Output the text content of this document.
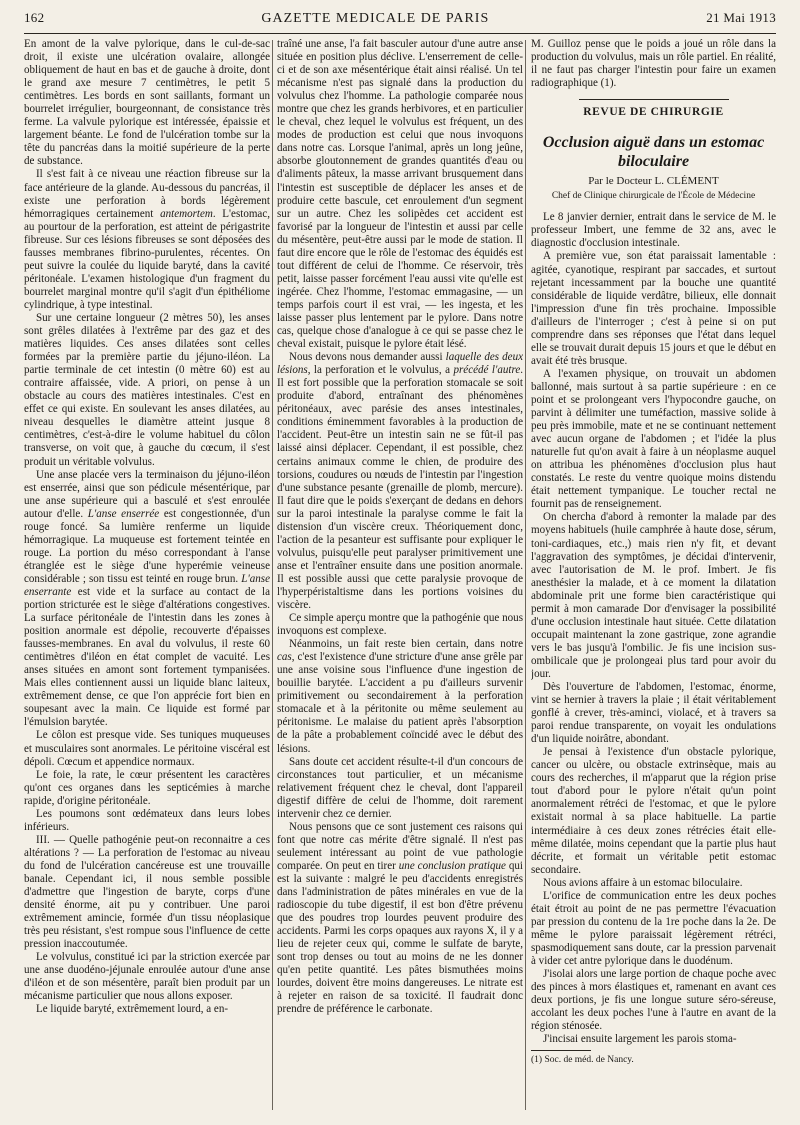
162	GAZETTE MEDICALE DE PARIS	21 Mai 1913

En amont de la valve pylorique, dans le cul-de-sac droit, il existe une ulcération ovalaire, allongée obliquement de haut en bas et de gauche à droite, dont le grand axe mesure 7 centimètres, le petit 5 centimètres. Les bords en sont saillants, formant un bourrelet irrégulier, bourgeonnant, de consistance très ferme. La valvule pylorique est intéressée, épaissie et largement béante. Le fond de l'ulcération tombe sur la tête du pancréas dans la moitié supérieure de la perte de substance.

Il s'est fait à ce niveau une réaction fibreuse sur la face antérieure de la glande. Au-dessous du pancréas, il existe une perforation à bords légèrement hémorragiques certainement antemortem. L'estomac, au pourtour de la perforation, est atteint de périgastrite fibreuse. Sur ces lésions fibreuses se sont déposées des fausses membranes fibrino-purulentes, récentes. On peut suivre la coulée du liquide baryté, dans la cavité péritonéale. L'examen histologique d'un fragment du bourrelet marginal montre qu'il s'agit d'un épithéliome cylindrique, à type intestinal.

Sur une certaine longueur (2 mètres 50), les anses sont grêles dilatées à l'extrême par des gaz et des matières liquides. Ces anses dilatées sont celles formées par la première partie du jéjuno-iléon. La partie terminale de cet intestin (0 mètre 60) est au contraire affaissée, vide. A priori, on pense à un obstacle au cours des matières intestinales. C'est en effet ce qui existe. En soulevant les anses dilatées, au niveau desquelles le diamètre atteint jusque 8 centimètres, c'est-à-dire le volume habituel du côlon transverse, on voit que, à gauche du cœcum, il s'est produit un véritable volvulus.

Une anse placée vers la terminaison du jéjuno-iléon est enserrée, ainsi que son pédicule mésentérique, par une anse supérieure qui a basculé et s'est enroulée autour d'elle. L'anse enserrée est congestionnée, d'un rouge foncé. Sa lumière renferme un liquide hémorragique. La muqueuse est fortement teintée en rouge. La portion du méso correspondant à l'anse étranglée est le siège d'une hyperémie veineuse considérable ; son tissu est teinté en rouge brun. L'anse enserrante est vide et la surface au contact de la portion stricturée est le siège d'altérations congestives. La surface péritonéale de l'intestin dans les zones à position anormale est dépolie, recouverte d'épaisses fausses-membranes. En aval du volvulus, il reste 60 centimètres d'iléon en état complet de vacuité. Les anses situées en amont sont fortement tympanisées. Mais elles contiennent aussi un liquide blanc laiteux, extrêmement dense, ce que l'on apprécie fort bien en soupesant avec la main. Ce liquide est formé par l'émulsion barytée.

Le côlon est presque vide. Ses tuniques muqueuses et musculaires sont anormales. Le péritoine viscéral est dépoli. Cœcum et appendice normaux.

Le foie, la rate, le cœur présentent les caractères qu'ont ces organes dans les septicémies à marche rapide, d'origine péritonéale.

Les poumons sont œdémateux dans leurs lobes inférieurs.

III. — Quelle pathogénie peut-on reconnaitre a ces altérations ? — La perforation de l'estomac au niveau du fond de l'ulcération cancéreuse est une trouvaille banale. Cependant ici, il nous semble possible d'admettre que l'ingestion de baryte, corps d'une densité énorme, ait pu y contribuer. Une paroi extrêmement amincie, formée d'un tissu néoplasique très peu résistant, s'est rompue sous l'influence de cette pression inaccoutumée.

Le volvulus, constitué ici par la striction exercée par une anse duodéno-jéjunale enroulée autour d'une anse d'iléon et de son mésentère, paraît bien produit par un mécanisme particulier que nous allons exposer.

Le liquide baryté, extrêmement lourd, a en-

traîné une anse, l'a fait basculer autour d'une autre anse située en position plus déclive. L'enserrement de celle-ci et de son axe mésentérique était ainsi réalisé. Un tel mécanisme n'est pas signalé dans la production du volvulus chez l'homme. La pathologie comparée nous montre que chez les grands herbivores, et en particulier le cheval, chez lequel le volvulus est fréquent, un des modes de production est celui que nous invoquons dans notre cas. Lorsque l'animal, après un long jeûne, absorbe gloutonnement de grandes quantités d'eau ou d'aliments pâteux, la masse arrivant brusquement dans l'intestin est susceptible de déplacer les anses et de produire cette bascule, cet enroulement d'un segment sur un autre. Chez les solipèdes cet accident est favorisé par la longueur de l'intestin et aussi par celle du mésentère, peut-être aussi par le mode de station. Il faut dire encore que le rôle de l'estomac des équidés est tout différent de celui de l'homme. Ce réservoir, très petit, laisse passer forcément l'eau aussi vite qu'elle est ingérée. Chez l'homme, l'estomac emmagasine, — un temps parfois court il est vrai, — les ingesta, et les laisse passer plus lentement par le pylore. Dans notre cas, quelque chose d'analogue à ce qui se passe chez le cheval existait, puisque le pylore était lésé.

Nous devons nous demander aussi laquelle des deux lésions, la perforation et le volvulus, a précédé l'autre. Il est fort possible que la perforation stomacale se soit produite d'abord, entraînant des phénomènes péritonéaux, avec parésie des anses intestinales, conditions éminemment favorables à la production de l'accident. Peut-être un intestin sain ne se fût-il pas laissé ainsi déplacer. Cependant, il est possible, chez certains animaux comme le chien, de produire des torsions, coudures ou nœuds de l'intestin par l'ingestion d'une substance pesante (grenaille de plomb, mercure). Il faut dire que le poids s'exerçant de dedans en dehors sur la paroi intestinale la paralyse comme le fait la distension d'un viscère creux. Théoriquement donc, l'action de la pesanteur est suffisante pour expliquer le volvulus, puisqu'elle peut paralyser primitivement une anse et l'entraîner ensuite dans une position anormale. Il est possible aussi que cette paralysie provoque de l'hyperpéristaltisme dans les portions voisines du viscère.

Ce simple aperçu montre que la pathogénie que nous invoquons est complexe.

Néanmoins, un fait reste bien certain, dans notre cas, c'est l'existence d'une stricture d'une anse grêle par une anse voisine sous l'influence d'une ingestion de bouillie barytée. L'accident a pu d'ailleurs survenir primitivement ou secondairement à la perforation stomacale et à la péritonite ou même seulement au péritonisme. Le malaise du patient après l'absorption de la pâte a probablement coïncidé avec le début des lésions.

Sans doute cet accident résulte-t-il d'un concours de circonstances tout particulier, et un mécanisme relativement fréquent chez le cheval, dont l'appareil digestif diffère de celui de l'homme, doit rarement intervenir chez ce dernier.

Nous pensons que ce sont justement ces raisons qui font que notre cas mérite d'être signalé. Il n'est pas seulement intéressant au point de vue pathologie comparée. On peut en tirer une conclusion pratique qui est la suivante : malgré le peu d'accidents enregistrés dans l'administration de pâtes minérales en vue de la radioscopie du tube digestif, il est bon d'être prévenu que des poudres trop lourdes peuvent produire des accidents. Parmi les corps opaques aux rayons X, il y a lieu de rejeter ceux qui, comme le sulfate de baryte, sont trop denses ou tout au moins de ne les donner qu'en petite quantité. Les pâtes bismuthées moins lourdes, doivent être moins dangereuses. Le nitrate est à rejeter en raison de sa toxicité. Il faudrait donc prendre de préférence le carbonate.

M. Guilloz pense que le poids a joué un rôle dans la production du volvulus, mais un rôle partiel. En réalité, il ne faut pas charger l'intestin pour faire un examen radiographique (1).

REVUE DE CHIRURGIE

Occlusion aiguë dans un estomac biloculaire

Par le Docteur L. CLÉMENT

Chef de Clinique chirurgicale de l'École de Médecine

Le 8 janvier dernier, entrait dans le service de M. le professeur Imbert, une femme de 32 ans, avec le diagnostic d'occlusion intestinale.

A première vue, son état paraissait lamentable : agitée, cyanotique, respirant par saccades, et surtout rejetant incessamment par la bouche une quantité considérable de liquide verdâtre, bilieux, elle donnait l'impression d'une fin très prochaine. Impossible d'ailleurs de l'interroger ; c'est à peine si on put comprendre dans ses réponses que l'état dans lequel elle se trouvait durait depuis 15 jours et que le début en avait été très brusque.

A l'examen physique, on trouvait un abdomen ballonné, mais surtout à sa partie supérieure : en ce point et se prolongeant vers l'hypocondre gauche, on parvint à délimiter une tuméfaction, massive solide à peu près immobile, mate et ne se continuant nettement avec aucun organe de l'abdomen ; et l'idée la plus naturelle fut qu'on avait à faire à un néoplasme auquel on attribua les phénomènes d'occlusion plus haut constatés. Le reste du ventre quoique moins distendu était nettement tympanique. Le toucher rectal ne fournit pas de renseignement.

On chercha d'abord à remonter la malade par des moyens habituels (huile camphrée à haute dose, sérum, toni-cardiaques, etc.,) mais rien n'y fit, et devant l'aggravation des symptômes, je décidai d'intervenir, avec l'autorisation de M. le prof. Imbert. Je fis anesthésier la malade, et à ce moment la dilatation abdominale prit une forme bien caractéristique qui permit à mon camarade Dor d'envisager la possibilité d'une occlusion intestinale haut située. Cette dilatation occupait maintenant la zone gastrique, zone agrandie vers le bas jusqu'à l'ombilic. Je fis une incision sus-ombilicale que je prolongeai plus tard pour avoir du jour.

Dès l'ouverture de l'abdomen, l'estomac, énorme, vint se hernier à travers la plaie ; il était véritablement gonflé à crever, très-aminci, violacé, et à travers sa paroi rendue transparente, on voyait les ondulations d'un liquide noirâtre, abondant.

Je pensai à l'existence d'un obstacle pylorique, cancer ou ulcère, ou obstacle extrinsèque, mais au cours des recherches, il m'apparut que la région prise tout d'abord pour le pylore n'était qu'un point anormalement rétréci de l'estomac, et que le pylore existait normal à sa place habituelle. La partie intermédiaire à ces deux zones rétrécies était elle-même dilatée, moins cependant que la partie plus haut décrite, et formait un véritable petit estomac secondaire.

Nous avions affaire à un estomac biloculaire.

L'orifice de communication entre les deux poches était étroit au point de ne pas permettre l'évacuation par pression du contenu de la 1re poche dans la 2e. De même le pylore paraissait légèrement rétréci, spasmodiquement sans doute, car la pression parvenait à vider cet antre pylorique dans le duodénum.

J'isolai alors une large portion de chaque poche avec des pinces à mors élastiques et, ramenant en avant ces deux portions, je fis une longue suture séro-séreuse, accolant les deux poches l'une à l'autre en avant de la région sténosée.

J'incisai ensuite largement les parois stoma-

(1) Soc. de méd. de Nancy.
